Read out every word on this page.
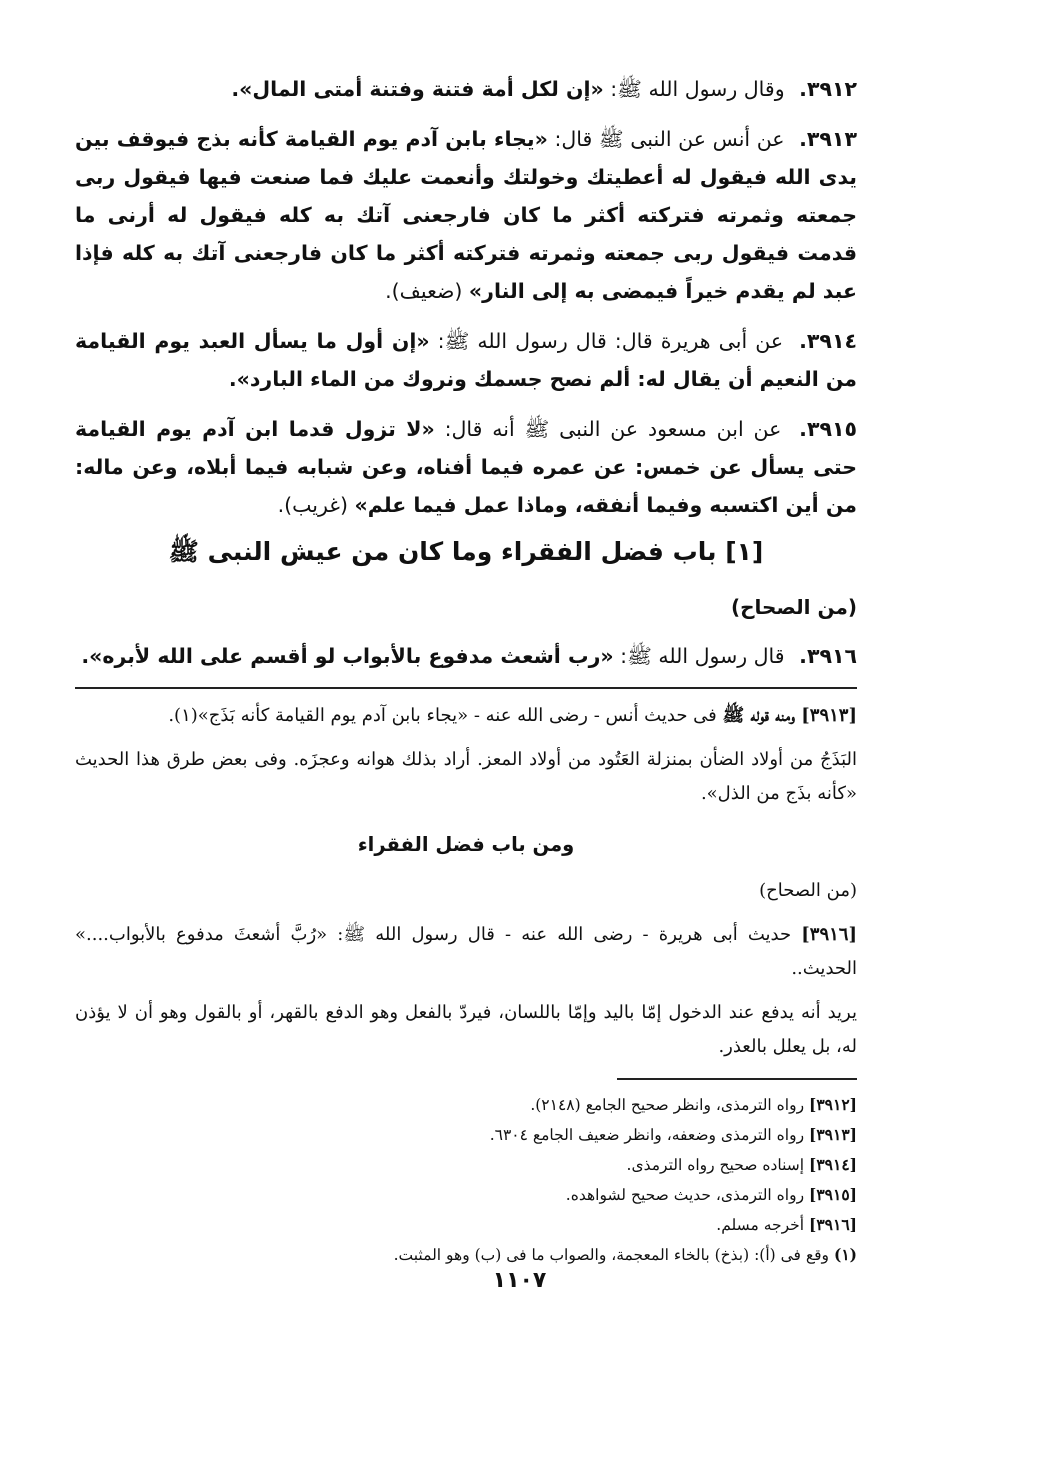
٣٩١٢. وقال رسول الله ﷺ: «إن لكل أمة فتنة وفتنة أمتى المال».

٣٩١٣. عن أنس عن النبى ﷺ قال: «يجاء بابن آدم يوم القيامة كأنه بذج فيوقف بين يدى الله فيقول له أعطيتك وخولتك وأنعمت عليك فما صنعت فيها فيقول ربى جمعته وثمرته فتركته أكثر ما كان فارجعنى آتك به كله فيقول له أرنى ما قدمت فيقول ربى جمعته وثمرته فتركته أكثر ما كان فارجعنى آتك به كله فإذا عبد لم يقدم خيراً فيمضى به إلى النار» (ضعيف).

٣٩١٤. عن أبى هريرة قال: قال رسول الله ﷺ: «إن أول ما يسأل العبد يوم القيامة من النعيم أن يقال له: ألم نصح جسمك ونروك من الماء البارد».

٣٩١٥. عن ابن مسعود عن النبى ﷺ أنه قال: «لا تزول قدما ابن آدم يوم القيامة حتى يسأل عن خمس: عن عمره فيما أفناه، وعن شبابه فيما أبلاه، وعن ماله: من أين اكتسبه وفيما أنفقه، وماذا عمل فيما علم» (غريب).

[١] باب فضل الفقراء وما كان من عيش النبى ﷺ
(من الصحاح)

٣٩١٦. قال رسول الله ﷺ: «رب أشعث مدفوع بالأبواب لو أقسم على الله لأبره».

[٣٩١٣] ومنه قوله ﷺ فى حديث أنس - رضى الله عنه - «يجاء بابن آدم يوم القيامة كأنه بَذَج»(١).

البَذَجُ من أولاد الضأن بمنزلة العَتُود من أولاد المعز. أراد بذلك هوانه وعجزَه. وفى بعض طرق هذا الحديث «كأنه بذَج من الذل».

ومن باب فضل الفقراء
(من الصحاح)

[٣٩١٦] حديث أبى هريرة - رضى الله عنه - قال رسول الله ﷺ: «رُبَّ أشعثَ مدفوع بالأبواب....» الحديث..

يريد أنه يدفع عند الدخول إمّا باليد وإمّا باللسان، فيردّ بالفعل وهو الدفع بالقهر، أو بالقول وهو أن لا يؤذن له، بل يعلل بالعذر.

[٣٩١٢] رواه الترمذى، وانظر صحيح الجامع (٢١٤٨).

[٣٩١٣] رواه الترمذى وضعفه، وانظر ضعيف الجامع ٦٣٠٤.

[٣٩١٤] إسناده صحيح رواه الترمذى.

[٣٩١٥] رواه الترمذى، حديث صحيح لشواهده.

[٣٩١٦] أخرجه مسلم.

(١) وقع فى (أ): (بذخ) بالخاء المعجمة، والصواب ما فى (ب) وهو المثبت.

١١٠٧
